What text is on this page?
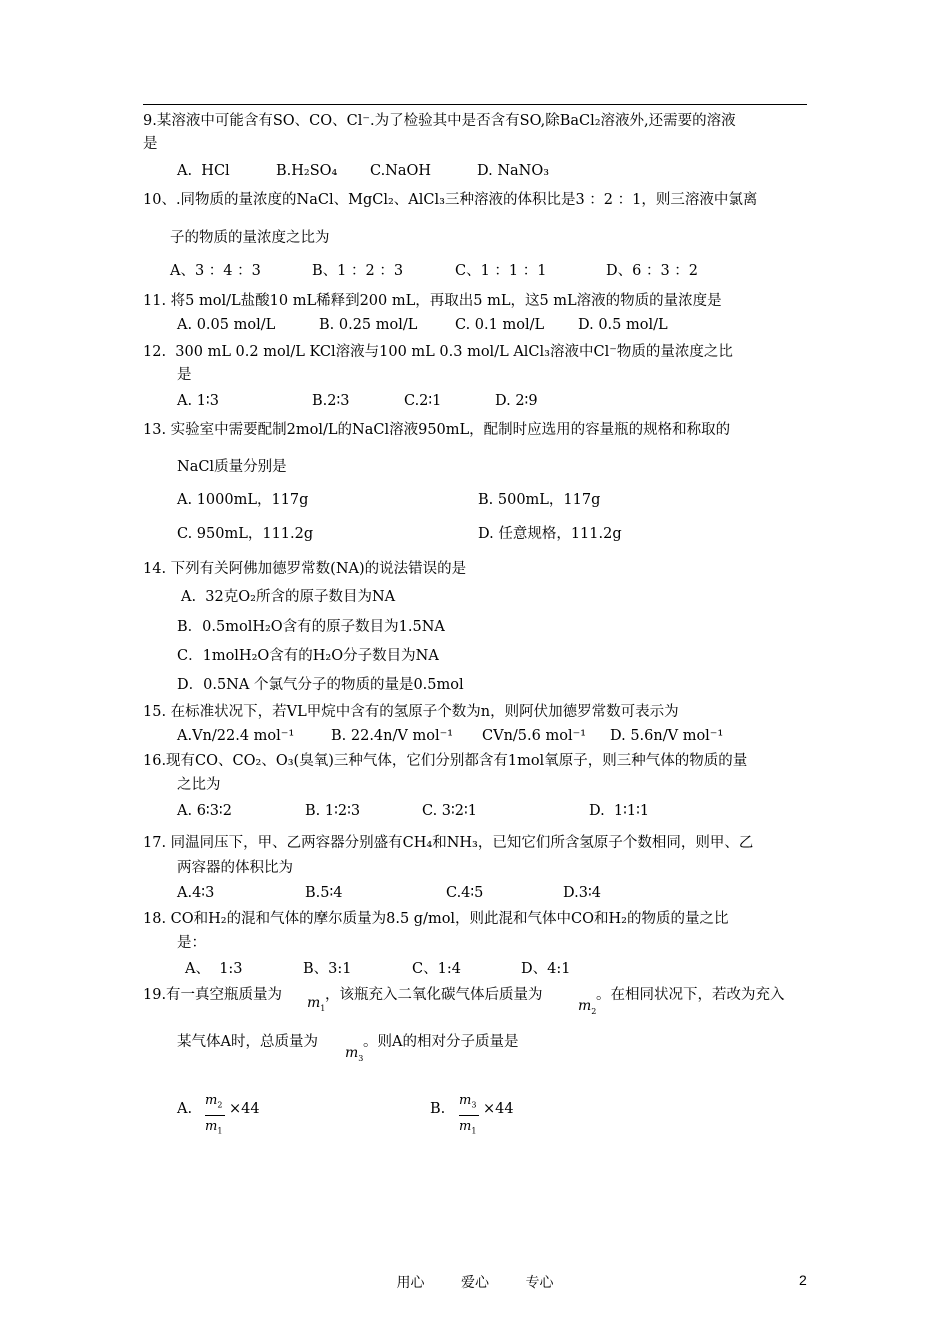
9.某溶液中可能含有SO、CO、Cl⁻.为了检验其中是否含有SO,除BaCl₂溶液外,还需要的溶液
是
A.  HCl	B.H₂SO₄ C.NaOH	D. NaNO₃
10、.同物质的量浓度的NaCl、MgCl₂、AlCl₃三种溶液的体积比是3 ：2 ：1，则三溶液中氯离
子的物质的量浓度之比为
A、3 ：4 ：3	B、1 ：2 ：3	C、1 ：1 ：1	D、6 ：3 ：2
11. 将5 mol/L盐酸10 mL稀释到200 mL，再取出5 mL，这5 mL溶液的物质的量浓度是
A. 0.05 mol/L	B. 0.25 mol/L	C. 0.1 mol/L D. 0.5 mol/L
12.  300 mL 0.2 mol/L KCl溶液与100 mL 0.3 mol/L AlCl₃溶液中Cl⁻物质的量浓度之比
是
A. 1∶3	B.2∶3	C.2∶1	D. 2∶9
13. 实验室中需要配制2mol/L的NaCl溶液950mL，配制时应选用的容量瓶的规格和称取的
NaCl质量分别是
A. 1000mL，117g	B. 500mL，117g
C. 950mL，111.2g	D. 任意规格，111.2g
14. 下列有关阿佛加德罗常数(NA)的说法错误的是
A.  32克O₂所含的原子数目为NA
B．0.5molH₂O含有的原子数目为1.5NA
C．1molH₂O含有的H₂O分子数目为NA
D．0.5NA 个氯气分子的物质的量是0.5mol
15. 在标准状况下，若VL甲烷中含有的氢原子个数为n，则阿伏加德罗常数可表示为
A.Vn/22.4 mol⁻¹	B. 22.4n/V mol⁻¹ CVn/5.6 mol⁻¹ D. 5.6n/V mol⁻¹
16.现有CO、CO₂、O₃(臭氧)三种气体，它们分别都含有1mol氧原子，则三种气体的物质的量
之比为
A. 6∶3∶2	B. 1∶2∶3	C. 3∶2∶1	D.  1∶1∶1
17. 同温同压下，甲、乙两容器分别盛有CH₄和NH₃，已知它们所含氢原子个数相同，则甲、乙
两容器的体积比为
A.4∶3	B.5∶4	C.4∶5	D.3∶4
18. CO和H₂的混和气体的摩尔质量为8.5 g/mol，则此混和气体中CO和H₂的物质的量之比
是：
A、  1:3	B、3:1	C、1:4	D、4:1
19.有一真空瓶质量为 $m_1$
，该瓶充入二氧化碳气体后质量为
$m_2$
。在相同状况下，若改为充入
某气体A时，总质量为
$m_3$
。则A的相对分子质量是
A.
$m_2$
$m_1$
×44	B.
$m_3$
$m_1$
×44
用心	爱心	专心	2
